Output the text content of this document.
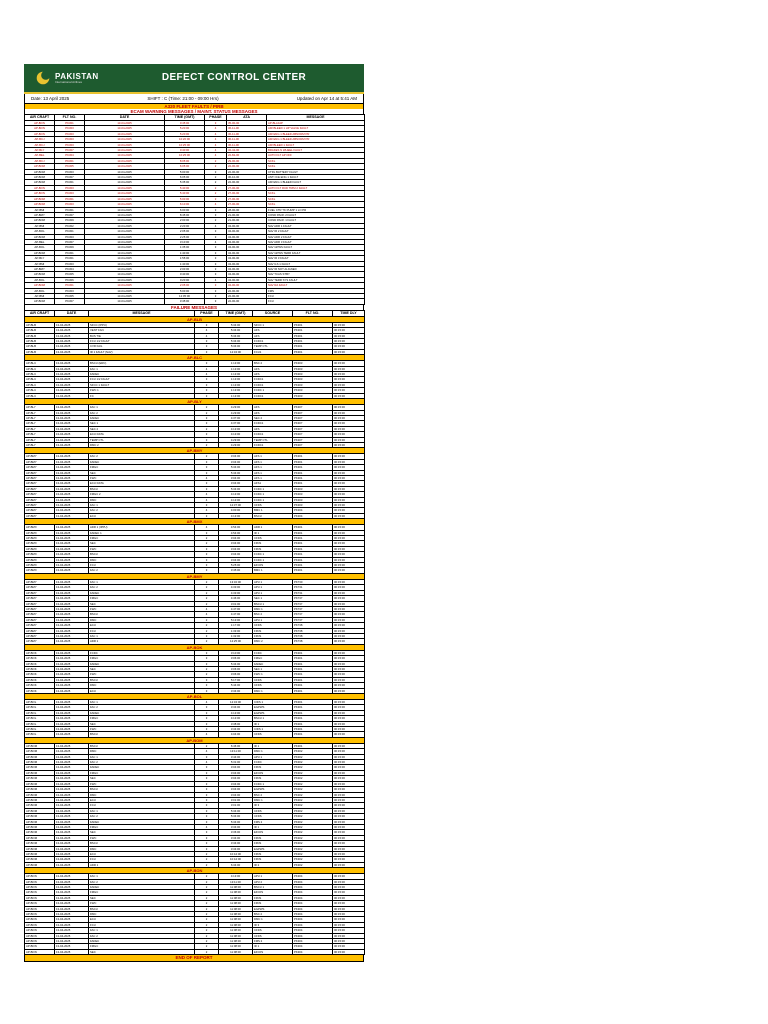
PAKISTAN
International Airlines	DEFECT CONTROL CENTER
Date: 13 April 2025	SHIFT : C (Time: 21:00 - 09:00 Hrs)	Updated on Apr 14 at 5:41 AM
A320 FLEET FAULTS / PIRB
ECAM WARNING MESSAGES / MAINT. STATUS MESSAGES
AIR CRAFT	FLT NO.	DATE	TIME (GMT)	PHASE	ATA	MESSAGE
AP-BON	PK301	13-04-2025	0:45:00	3	35-00-00	AP-BLL0AP
AP-BON	PK303	13-04-2025	5:20:00	4	36-11-00	AIR BLEED 1 HP VALVE FAULT
AP-BON	PK303	13-04-2025	5:20:00	4	36-11-00	AIR ENG 1 BLEED ABNORM PR
AP-BCJ	PK303	13-04-2025	10:20:00	4	36-11-00	AIR ENG 1 BLEED ABNORM PR
AP-BCJ	PK303	13-04-2025	10:25:00	4	36-11-00	AIR BLEED 1 FAULT
AP-BLY	PK307	13-04-2025	0:40:00	4	32-42-00	BRAKES N WHEEL FAULT
AP-BEL	PK304	13-04-2025	10:25:00	4	22-82-00	AUTO FLT AP OFF
AP-BCJ	PK301	13-04-2025	8:05:00	2	29-00-00	SCKL
AP-BOM	PK305	13-04-2025	6:05:00	2	22-00-00	SCKL
AP-BOM	PK303	13-04-2025	5:00:00	3	22-00-00	CTRL BATTERY FAULT
AP-BOM	PK307	13-04-2025	6:05:00	2	30-10-00	ANTI ICE ENG 1 FAULT
AP-BOM	PK301	13-04-2025	5:35:00	2	22-00-00	AIR ENG 1 BLEED FAULT
AP-BON	PK303	13-04-2025	5:40:00	2	27-00-00	AUTO FLT RUD TRIM 2 FAULT
AP-BON	PK303	13-04-2025	5:40:00	2	27-00-00	SCKL
AP-BOM	PK301	13-04-2025	5:00:00	3	27-00-00	SCKL
AP-BOM	PK303	13-04-2025	6:10:00	4	27-00-00	SCKL
AP-BMI	PK301	13-04-2025	6:00:00	3	28-00-00	FUEL CTR TK PUMP 1 LO PR
AP-BMY	PK307	13-04-2025	8:45:00	3	21-00-00	COND PACK 2 FAULT
AP-BOM	PK309	13-04-2025	2:00:00	2	21-00-00	COND PACK 1 FAULT
AP-BMI	PK302	13-04-2025	2:20:00	4	34-00-00	NAV ADR 1 FAULT
AP-BOL	PK301	13-04-2025	2:05:00	3	34-00-00	NAV IR 2 FAULT
AP-BOM	PK303	13-04-2025	2:25:00	3	34-00-00	NAV ADR 2 FAULT
AP-BEL	PK307	13-04-2025	3:10:00	4	34-00-00	NAV ADR 3 FAULT
AP-BOL	PK309	13-04-2025	1:35:00	3	34-00-00	NAV GPWS FAULT
AP-BOM	PK301	13-04-2025	1:40:00	3	34-00-00	NAV GPWS TERR FAULT
AP-BLY	PK301	13-04-2025	1:55:00	3	34-00-00	NAV IR 3 FAULT
AP-BMI	PK303	13-04-2025	1:40:00	3	34-00-00	NAV ILS 1 FAULT
AP-BMY	PK304	13-04-2025	2:00:00	3	34-00-00	NAV IR NOT ALIGNED
AP-BOM	PK305	13-04-2025	0:40:00	3	34-00-00	NAV TCAS STBY
AP-BOL	PK306	13-04-2025	0:20:00	4	34-00-00	NAV TERR SYS FAULT
AP-BOM	PK301	13-04-2025	2:05:00	3	34-00-00	NAV RA FAULT
AP-BOL	PK303	13-04-2025	5:00:00	3	22-00-00	FMS
AP-BMI	PK305	13-04-2025	12:05:00	3	22-00-00	FCU
AP-BOM	PK307	13-04-2025	3:45:00	3	22-00-00	FCU
FAILURE MESSAGES
AIR CRAFT	DATE	MESSAGE	PHASE	TIME (GMT)	SOURCE	FLT NO.	TIME DLY
AP-BLB							
AP-BLB	13-04-2025	SFCC (IPPU)	3	5:34:00	SFCC 1	PK301	00:15:00
AP-BLB	13-04-2025	VENT FAN	4	5:34:00	AFS	PK301	00:15:00
AP-BLB	13-04-2025	BUS TIE	4	5:34:00	AFS	PK301	00:15:00
AP-BLB	13-04-2025	FCU 1/2 FAULT	3	5:34:00	FCDC1	PK301	00:15:00
AP-BLB	13-04-2025	CVR FAIL	3	5:34:00	TEMP CTL	PK301	00:15:00
AP-BLB	13-04-2025	IR 1 FAULT (NAV)	3	12:34:00	FCU1	PK301	00:15:00
AP-BLC							
AP-BLC	13-04-2025	BSCU (ERC)	3	1:13:00	BSC 2	PK303	00:15:00
AP-BLC	13-04-2025	FAC 1	4	1:13:00	AFS	PK303	00:15:00
AP-BLC	13-04-2025	FADEC	4	1:13:00	AFS	PK303	00:15:00
AP-BLC	13-04-2025	FCU 1/2 FAULT	3	1:13:00	FCDC1	PK303	00:15:00
AP-BLC	13-04-2025	SFCC 1 FAULT	3	1:13:00	FCDC1	PK303	00:15:00
AP-BLC	13-04-2025	FWC 1	3	1:13:00	FCDC 1	PK303	00:15:00
AP-BLC	13-04-2025	FC	3	1:13:00	FCDC1	PK303	00:15:00
AP-BLY							
AP-BLY	13-04-2025	FAC 1	2	4:29:00	AFS	PK307	00:15:00
AP-BLY	13-04-2025	FAC 2	2	4:29:00	AFS	PK307	00:15:00
AP-BLY	13-04-2025	FADEC	3	4:37:00	SEC 2	PK307	00:15:00
AP-BLY	13-04-2025	SEC 1	3	4:37:00	FCDC1	PK307	00:15:00
AP-BLY	13-04-2025	SEC 2	2	4:13:00	AFS	PK307	00:15:00
AP-BLY	13-04-2025	ECU DATA	3	4:13:00	FCDC1	PK307	00:15:00
AP-BLY	13-04-2025	TEMP CTL	3	4:29:00	TEMP CTL	PK307	00:15:00
AP-BLY	13-04-2025	DMC 2	2	4:29:00	FCDC1	PK307	00:15:00
AP-BMY							
AP-BMY	13-04-2025	FAC 2	2	3:04:00	AFS 1	PK301	00:15:00
AP-BMY	13-04-2025	FADEC	3	3:04:00	AFS 1	PK301	00:15:00
AP-BMY	13-04-2025	FMGC	3	5:34:00	AFS 1	PK301	00:15:00
AP-BMY	13-04-2025	SEC	3	5:34:00	AFS 1	PK301	00:15:00
AP-BMY	13-04-2025	FWC	4	3:04:00	AFS 1	PK301	00:15:00
AP-BMY	13-04-2025	ECU DATA	3	3:04:00	AFS1	PK301	00:15:00
AP-BMY	13-04-2025	BSCU	3	5:34:00	FCDC 1	PK303	00:15:00
AP-BMY	13-04-2025	FMGC 2	4	4:13:00	FCDC 1	PK303	00:15:00
AP-BMY	13-04-2025	DMC	4	4:13:00	FCDC 1	PK303	00:15:00
AP-BMY	13-04-2025	FAC 1	3	12:37:00	CFDS	PK303	00:15:00
AP-BMY	13-04-2025	FAC 2	4	4:00:00	BMC 1	PK304	00:15:00
AP-BMY	13-04-2025	ECU	3	4:13:00	BSCU	PK304	00:15:00
AP-BMX							
AP-BMX	13-04-2025	ADR 1 (IPPU)	4	4:54:00	ADR 1	PK301	00:15:00
AP-BMX	13-04-2025	FADEC 1	3	4:54:00	IR 1	PK301	00:15:00
AP-BMX	13-04-2025	FMGC	2	3:04:00	CFDS	PK301	00:15:00
AP-BMX	13-04-2025	SEC	2	3:04:00	FFNS	PK301	00:15:00
AP-BMX	13-04-2025	FWC	3	3:04:00	FFNS	PK301	00:15:00
AP-BMX	13-04-2025	BSCU	3	3:04:00	FCDC 1	PK301	00:15:00
AP-BMX	13-04-2025	DMC	3	3:04:00	FCDC 1	PK301	00:15:00
AP-BMX	13-04-2025	FCU	3	5:25:00	EFCFS	PK301	00:15:00
AP-BMX	13-04-2025	FAC 2	3	3:45:00	BMC 1	PK301	00:15:00
AP-BMY							
AP-BMY	13-04-2025	FAC 1	2	13:32:00	APU 1	PK730	00:15:00
AP-BMY	13-04-2025	FAC 2	2	4:33:00	APU 1	PK731	00:15:00
AP-BMY	13-04-2025	FADEC	2	4:33:00	APU 1	PK731	00:15:00
AP-BMY	13-04-2025	FMGC	2	4:46:00	SEC 1	PK737	00:15:00
AP-BMY	13-04-2025	SEC	2	3:01:00	BSCU 1	PK737	00:15:00
AP-BMY	13-04-2025	FWC	4	4:47:00	DMC 1	PK737	00:15:00
AP-BMY	13-04-2025	BSCU	4	4:47:00	BSC 2	PK737	00:15:00
AP-BMY	13-04-2025	DMC	2	5:13:00	APU 1	PK737	00:15:00
AP-BMY	13-04-2025	ECU	2	1:17:00	CFDS	PK738	00:15:00
AP-BMY	13-04-2025	FCU	2	1:33:00	FFNS	PK738	00:15:00
AP-BMY	13-04-2025	FAC 1	3	1:32:00	FFNS	PK738	00:15:00
AP-BMY	13-04-2025	ADR 1	2	12:25:00	DMC 2	PK738	00:15:00
AP-BOK							
AP-BOK	13-04-2025	FCDC	3	3:10:00	FCDC	PK301	00:15:00
AP-BOK	13-04-2025	FMGC	3	3:06:00	FMGC	PK301	00:15:00
AP-BOK	13-04-2025	FADEC	3	5:34:00	FADEC	PK301	00:15:00
AP-BOK	13-04-2025	SEC	2	3:06:00	SEC 1	PK301	00:15:00
AP-BOK	13-04-2025	FWC	2	3:06:00	FWC 1	PK301	00:15:00
AP-BOK	13-04-2025	BSCU	3	5:17:00	CFDS	PK301	00:15:00
AP-BOK	13-04-2025	DMC	3	5:44:00	CFDS	PK301	00:15:00
AP-BOK	13-04-2025	ECU	3	3:34:00	DMC 1	PK301	00:15:00
AP-BOL							
AP-BOL	13-04-2025	FAC 1	4	12:34:00	CIDS 1	PK301	00:15:00
AP-BOL	13-04-2025	FAC 2	3	3:34:00	EGPWS	PK301	00:15:00
AP-BOL	13-04-2025	FADEC	3	4:13:00	EGPWS	PK301	00:15:00
AP-BOL	13-04-2025	FMGC	3	4:13:00	BSCU 1	PK301	00:15:00
AP-BOL	13-04-2025	SEC	3	3:38:00	IR 1	PK301	00:15:00
AP-BOL	13-04-2025	FWC	3	3:34:00	CIDS 1	PK301	00:15:00
AP-BOL	13-04-2025	BSCU	4	4:04:00	CFDS	PK301	00:15:00
AP-BOM							
AP-BOM	13-04-2025	BSCU	2	6:46:00	IR 1	PK301	00:15:00
AP-BOM	13-04-2025	DMC	4	13:11:00	DMC 1	PK302	00:15:00
AP-BOM	13-04-2025	FAC 1	3	3:44:00	APU 1	PK302	00:15:00
AP-BOM	13-04-2025	FAC 2	4	5:31:00	FCDC	PK302	00:15:00
AP-BOM	13-04-2025	FADEC	3	3:04:00	FFNS	PK302	00:15:00
AP-BOM	13-04-2025	FMGC	3	3:04:00	EFCFS	PK302	00:15:00
AP-BOM	13-04-2025	SEC	3	3:04:00	FFNS	PK302	00:15:00
AP-BOM	13-04-2025	FWC	3	3:04:00	FCDC 1	PK302	00:15:00
AP-BOM	13-04-2025	BSCU	3	3:04:00	EGPWS	PK302	00:15:00
AP-BOM	13-04-2025	DMC	3	3:04:00	BSC 2	PK302	00:15:00
AP-BOM	13-04-2025	ECU	3	3:01:00	DMC 1	PK302	00:15:00
AP-BOM	13-04-2025	FCU	3	3:01:00	IR 3	PK302	00:15:00
AP-BOM	13-04-2025	FAC 1	3	5:34:00	CFDS	PK302	00:15:00
AP-BOM	13-04-2025	FAC 2	3	5:34:00	CFDS	PK302	00:15:00
AP-BOM	13-04-2025	FADEC	3	5:34:00	FMS 2	PK302	00:15:00
AP-BOM	13-04-2025	FMGC	4	3:34:00	IR 1	PK302	00:15:00
AP-BOM	13-04-2025	SEC	3	3:36:00	EFCFS	PK302	00:15:00
AP-BOM	13-04-2025	FWC	3	3:34:00	FFNS	PK302	00:15:00
AP-BOM	13-04-2025	BSCU	3	3:34:00	FFNS	PK302	00:15:00
AP-BOM	13-04-2025	DMC	3	3:34:00	EGPWS	PK302	00:15:00
AP-BOM	13-04-2025	ECU	2	10:44:00	FFNS	PK302	00:15:00
AP-BOM	13-04-2025	FCU	2	10:44:00	FFNS	PK302	00:15:00
AP-BOM	13-04-2025	ADR 1	2	6:34:00	IR 2	PK302	00:15:00
AP-BON							
AP-BON	13-04-2025	FAC 1	2	4:13:00	APU 1	PK304	00:15:00
AP-BON	13-04-2025	FAC 2	2	13:11:00	APU 2	PK304	00:15:00
AP-BON	13-04-2025	FADEC	2	11:08:00	BSCU 1	PK304	00:15:00
AP-BON	13-04-2025	FMGC	2	11:08:00	EFCFS	PK304	00:15:00
AP-BON	13-04-2025	SEC	2	11:08:00	FFNS	PK304	00:15:00
AP-BON	13-04-2025	FWC	2	11:08:00	FFNS	PK304	00:15:00
AP-BON	13-04-2025	BSCU	2	11:08:00	EGPWS	PK304	00:15:00
AP-BON	13-04-2025	DMC	2	11:08:00	BSC 2	PK304	00:15:00
AP-BON	13-04-2025	ECU	2	11:08:00	DMC 1	PK304	00:15:00
AP-BON	13-04-2025	FCU	2	11:08:00	IR 3	PK304	00:15:00
AP-BON	13-04-2025	FAC 1	2	11:08:00	CFDS	PK304	00:15:00
AP-BON	13-04-2025	FAC 2	2	11:08:00	CFDS	PK304	00:15:00
AP-BON	13-04-2025	FADEC	2	11:08:00	FMS 2	PK304	00:15:00
AP-BON	13-04-2025	FMGC	2	11:08:00	IR 1	PK304	00:15:00
AP-BON	13-04-2025	SEC	2	11:08:00	EFCFS	PK304	00:15:00
END OF REPORT
